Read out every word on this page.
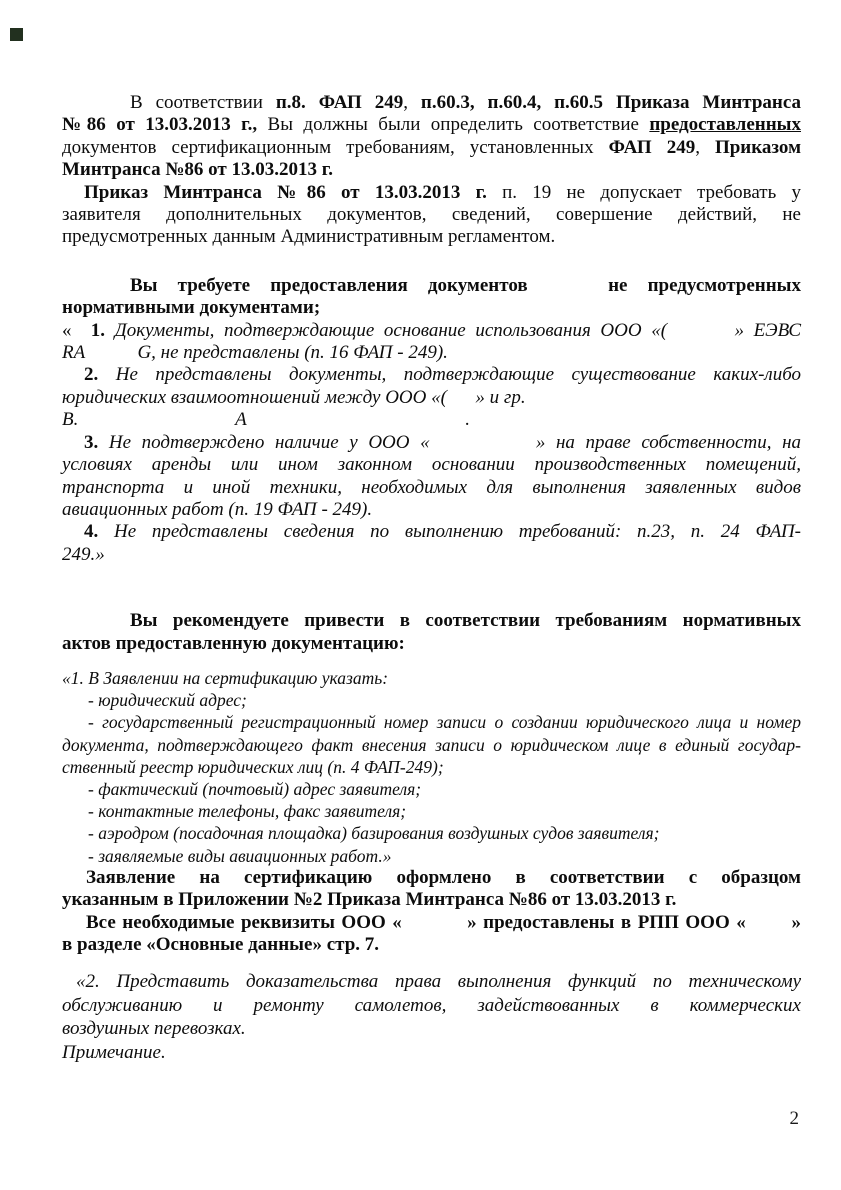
В соответствии п.8. ФАП 249, п.60.3, п.60.4, п.60.5 Приказа Минтранса
№86 от 13.03.2013 г., Вы должны были определить соответствие предоставленных
документов сертификационным требованиям, установленных ФАП 249, Приказом
Минтранса №86 от 13.03.2013 г.
Приказ Минтранса №86 от 13.03.2013 г. п. 19 не допускает требовать у
заявителя дополнительных документов, сведений, совершение действий, не
предусмотренных данным Административным регламентом.
Вы требуете предоставления документов    не предусмотренных
нормативными документами;
«  1. Документы, подтверждающие основание использования ООО «(       » ЕЭВС
RA           G, не представлены (п. 16 ФАП - 249).
2. Не представлены документы, подтверждающие существование каких-либо
юридических взаимоотношений между ООО «(      » и гр.
В.                                 А                                              .
3. Не подтверждено наличие у ООО «          » на праве собственности, на
условиях аренды или ином законном основании производственных помещений,
транспорта и иной техники, необходимых для выполнения заявленных видов
авиационных работ (п. 19 ФАП - 249).
4. Не представлены сведения по выполнению требований: п.23, п. 24 ФАП-
249.»
Вы рекомендуете привести в соответствии требованиям нормативных
актов предоставленную документацию:
«1. В Заявлении на сертификацию указать:
- юридический адрес;
- государственный регистрационный номер записи о создании юридического лица и номер
документа, подтверждающего факт внесения записи о юридическом лице в единый государ-
ственный реестр юридических лиц (п. 4 ФАП-249);
- фактический (почтовый) адрес заявителя;
- контактные телефоны, факс заявителя;
- аэродром (посадочная площадка) базирования воздушных судов заявителя;
- заявляемые виды авиационных работ.»
Заявление на сертификацию оформлено в соответствии с образцом
указанным в Приложении №2 Приказа Минтранса №86 от 13.03.2013 г.
Все необходимые реквизиты ООО «          » предоставлены в РПП ООО «       »
в разделе «Основные данные» стр. 7.
«2. Представить доказательства права выполнения функций по техническому
обслуживанию и ремонту самолетов, задействованных в коммерческих
воздушных перевозках.
Примечание.
2
